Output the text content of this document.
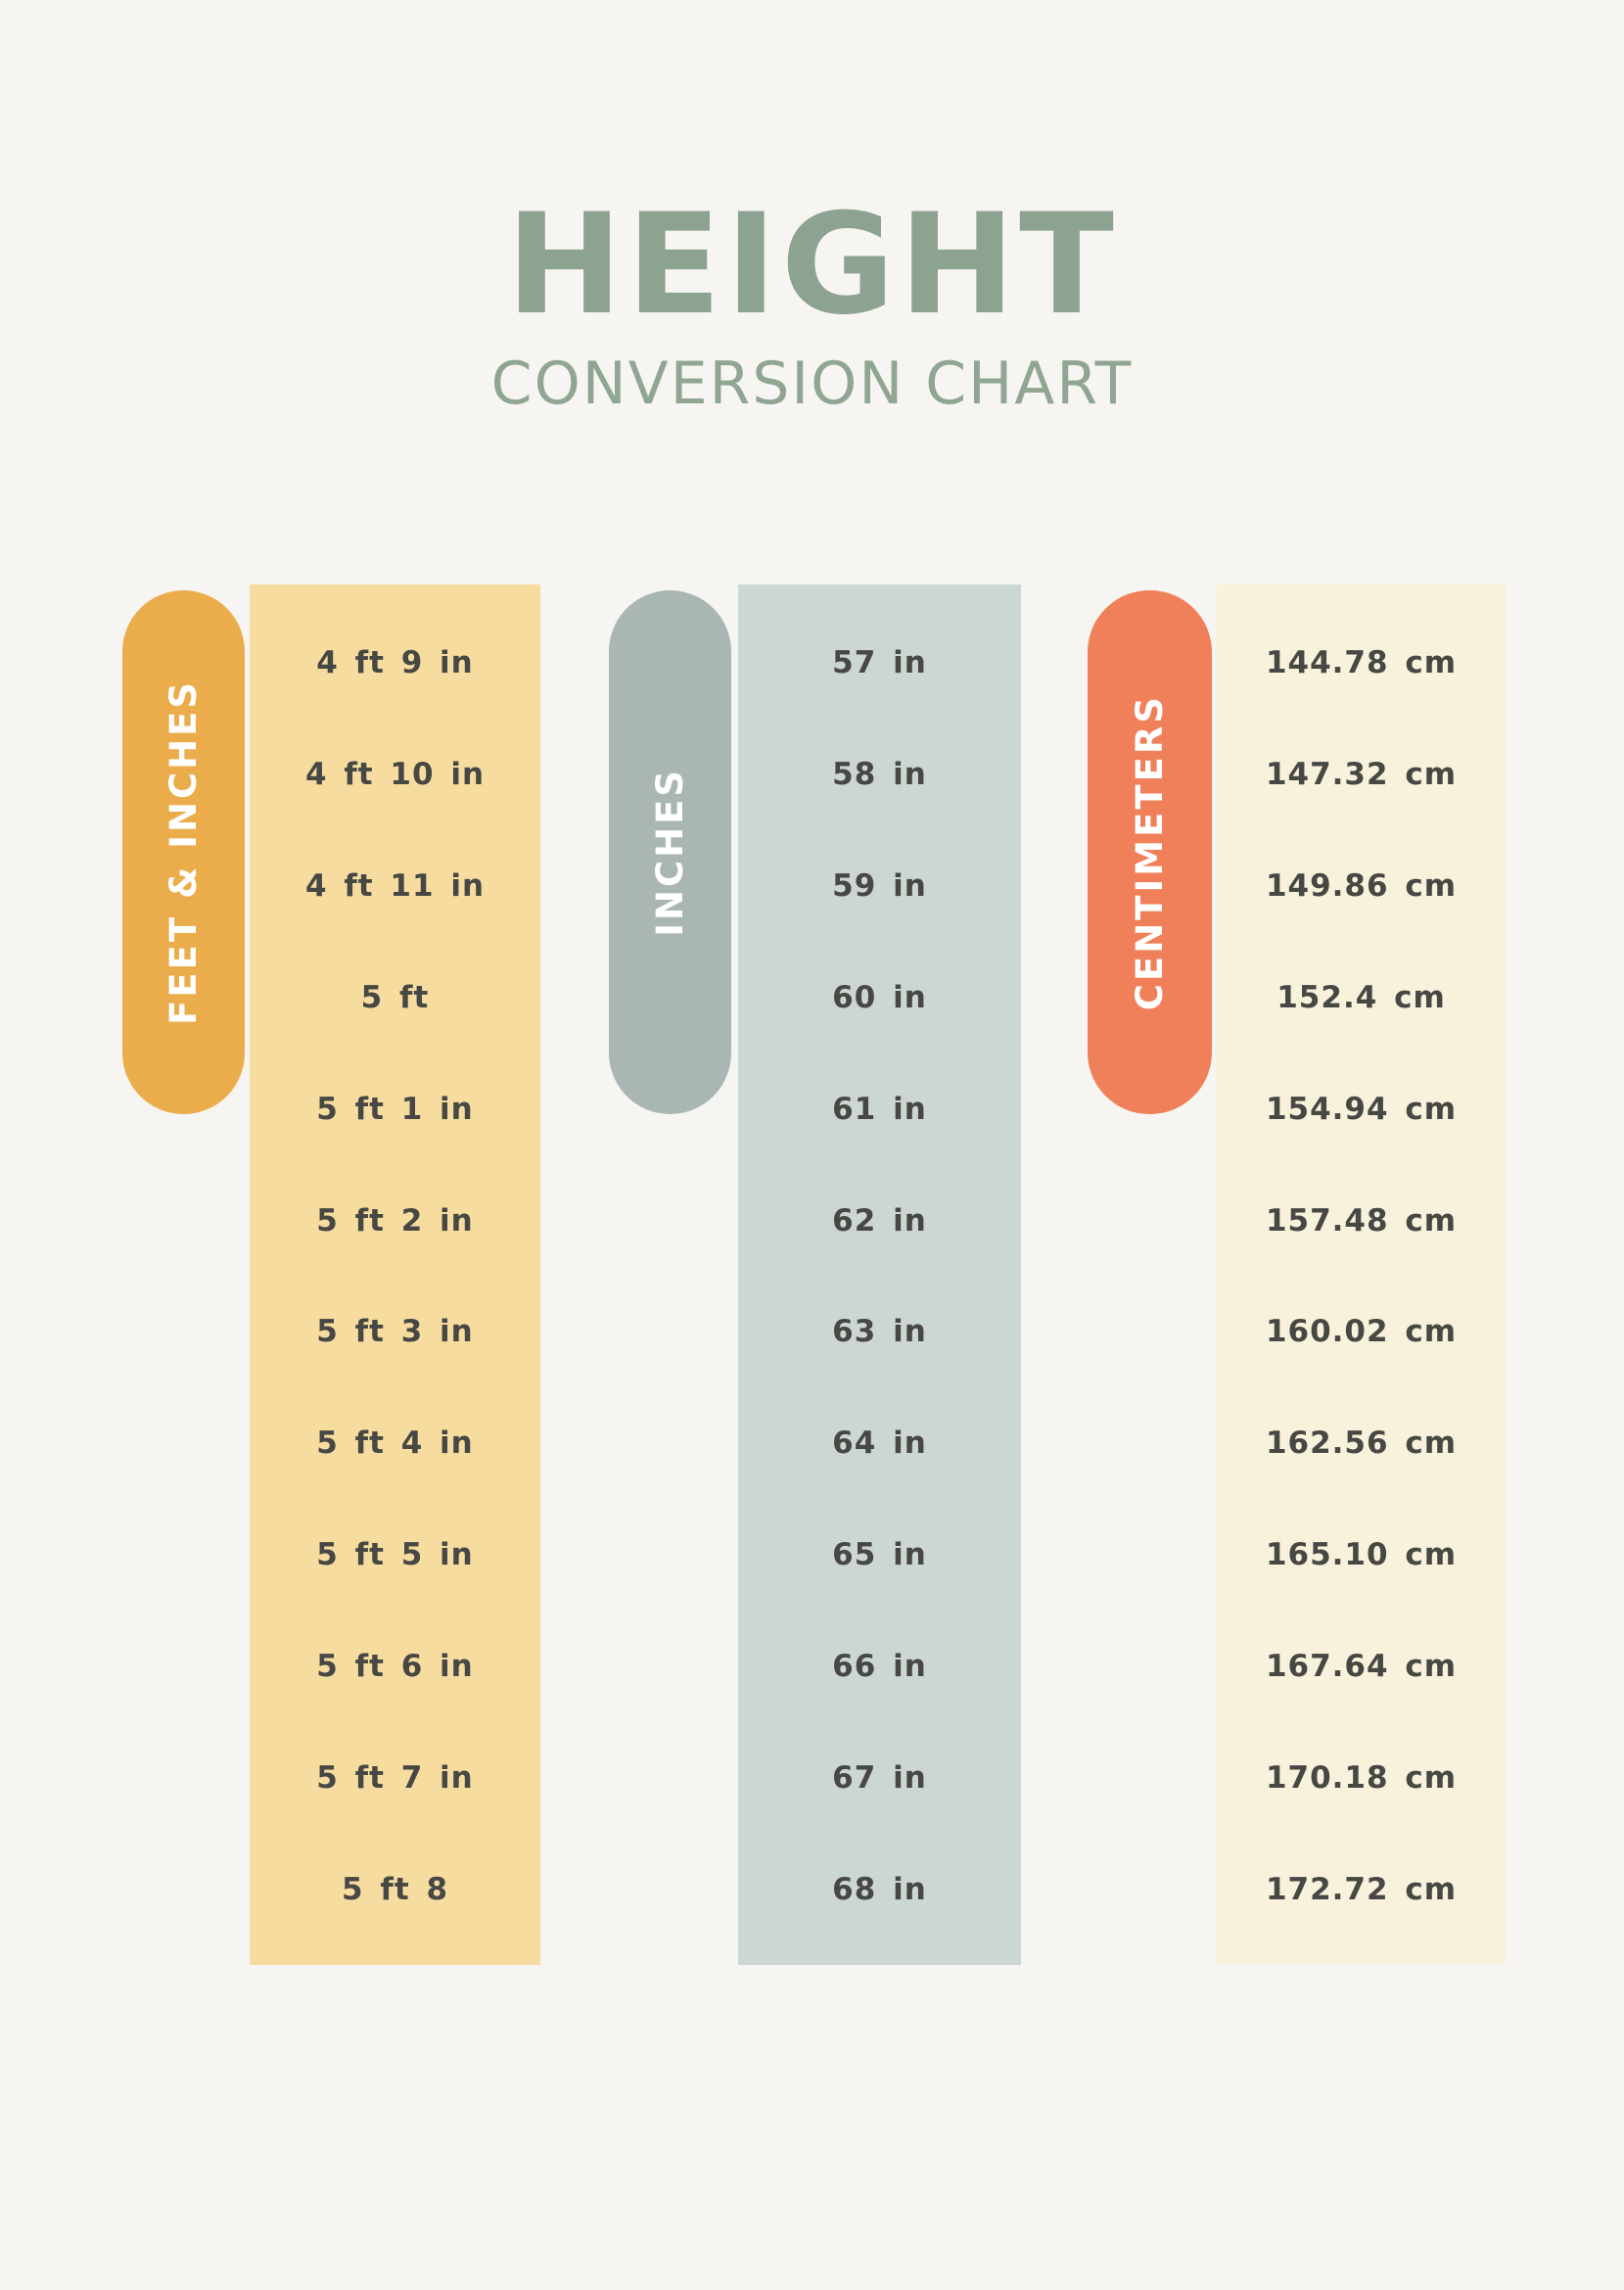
HEIGHT
CONVERSION CHART
FEET & INCHES	INCHES	CENTIMETERS
4 ft 9 in
4 ft 10 in
4 ft 11 in
5 ft
5 ft 1 in
5 ft 2 in
5 ft 3 in
5 ft 4 in
5 ft 5 in
5 ft 6 in
5 ft 7 in
5 ft 8
57 in
58 in
59 in
60 in
61 in
62 in
63 in
64 in
65 in
66 in
67 in
68 in
144.78 cm
147.32 cm
149.86 cm
152.4 cm
154.94 cm
157.48 cm
160.02 cm
162.56 cm
165.10 cm
167.64 cm
170.18 cm
172.72 cm
